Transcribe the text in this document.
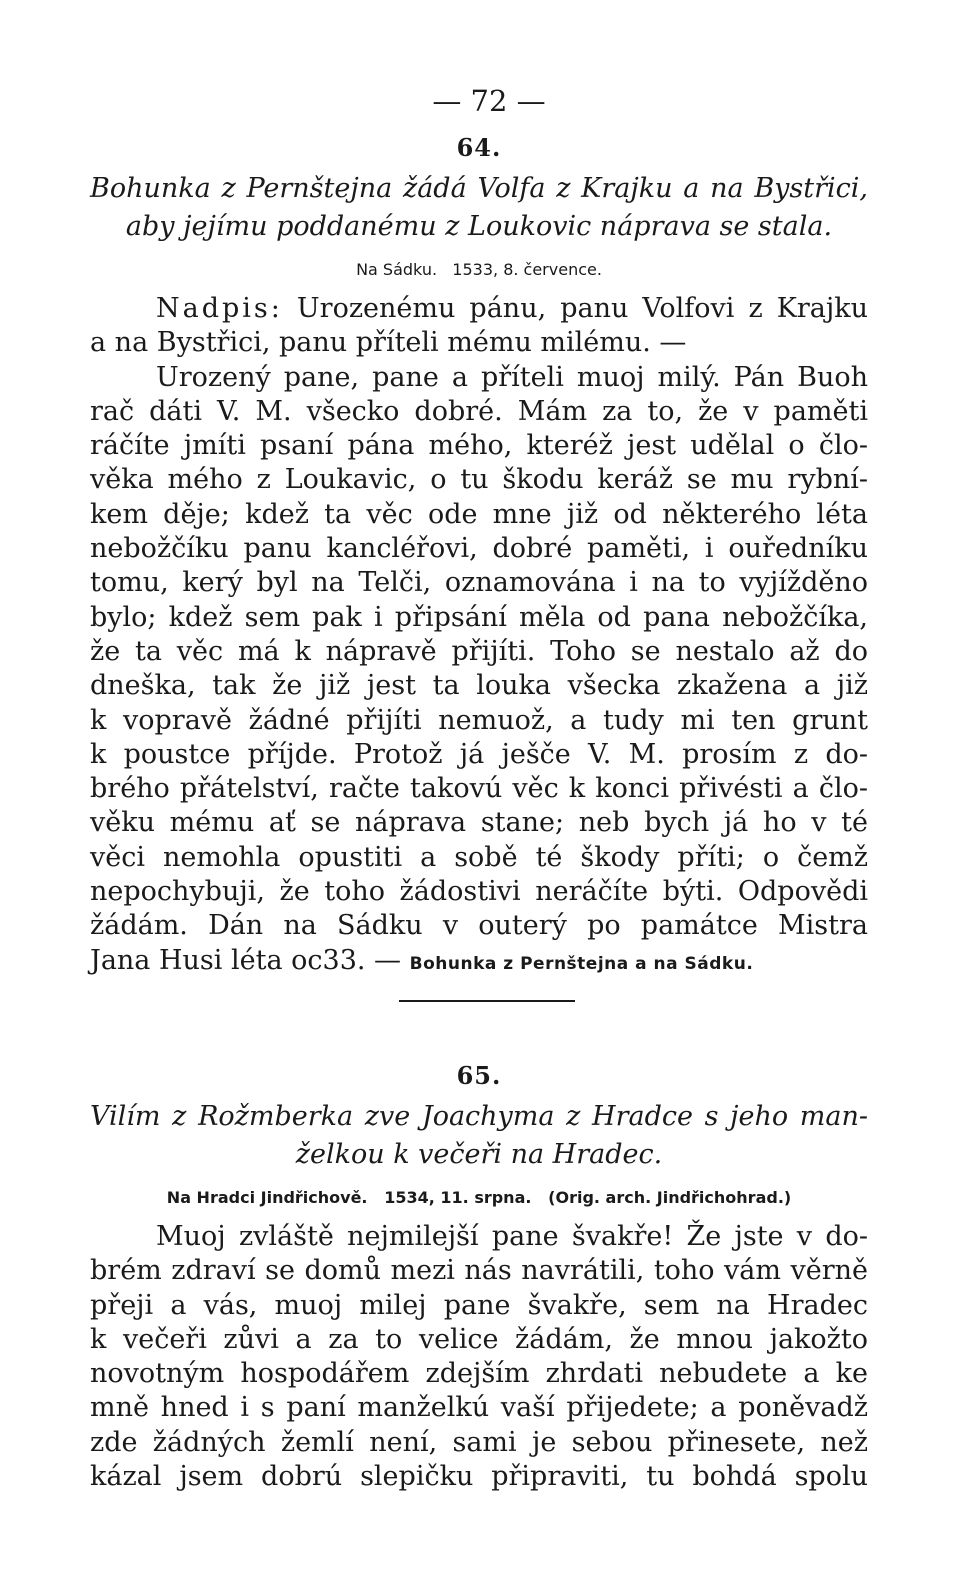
— 72 —
64.
Bohunka z Pernštejna žádá Volfa z Krajku a na Bystřici,
aby jejímu poddanému z Loukovic náprava se stala.
Na Sádku.   1533, 8. července.
Nadpis: Urozenému pánu, panu Volfovi z Krajku
a na Bystřici, panu příteli mému milému. —
Urozený pane, pane a příteli muoj milý. Pán Buoh
rač dáti V. M. všecko dobré. Mám za to, že v paměti
ráčíte jmíti psaní pána mého, kteréž jest udělal o člo-
věka mého z Loukavic, o tu škodu keráž se mu rybní-
kem děje; kdež ta věc ode mne již od některého léta
nebožčíku panu kancléřovi, dobré paměti, i ouředníku
tomu, kerý byl na Telči, oznamována i na to vyjížděno
bylo; kdež sem pak i připsání měla od pana nebožčíka,
že ta věc má k nápravě přijíti. Toho se nestalo až do
dneška, tak že již jest ta louka všecka zkažena a již
k vopravě žádné přijíti nemuož, a tudy mi ten grunt
k poustce příjde. Protož já ješče V. M. prosím z do-
brého přátelství, račte takovú věc k konci přivésti a člo-
věku mému ať se náprava stane; neb bych já ho v té
věci nemohla opustiti a sobě té škody příti; o čemž
nepochybuji, že toho žádostivi neráčíte býti. Odpovědi
žádám. Dán na Sádku v outerý po památce Mistra
Jana Husi léta oc33. — Bohunka z Pernštejna a na Sádku.
65.
Vilím z Rožmberka zve Joachyma z Hradce s jeho man-
želkou k večeři na Hradec.
Na Hradci Jindřichově.   1534, 11. srpna.   (Orig. arch. Jindřichohrad.)
Muoj zvláště nejmilejší pane švakře! Že jste v do-
brém zdraví se domů mezi nás navrátili, toho vám věrně
přeji a vás, muoj milej pane švakře, sem na Hradec
k večeři zůvi a za to velice žádám, že mnou jakožto
novotným hospodářem zdejším zhrdati nebudete a ke
mně hned i s paní manželkú vaší přijedete; a poněvadž
zde žádných žemlí není, sami je sebou přinesete, než
kázal jsem dobrú slepičku připraviti, tu bohdá spolu
